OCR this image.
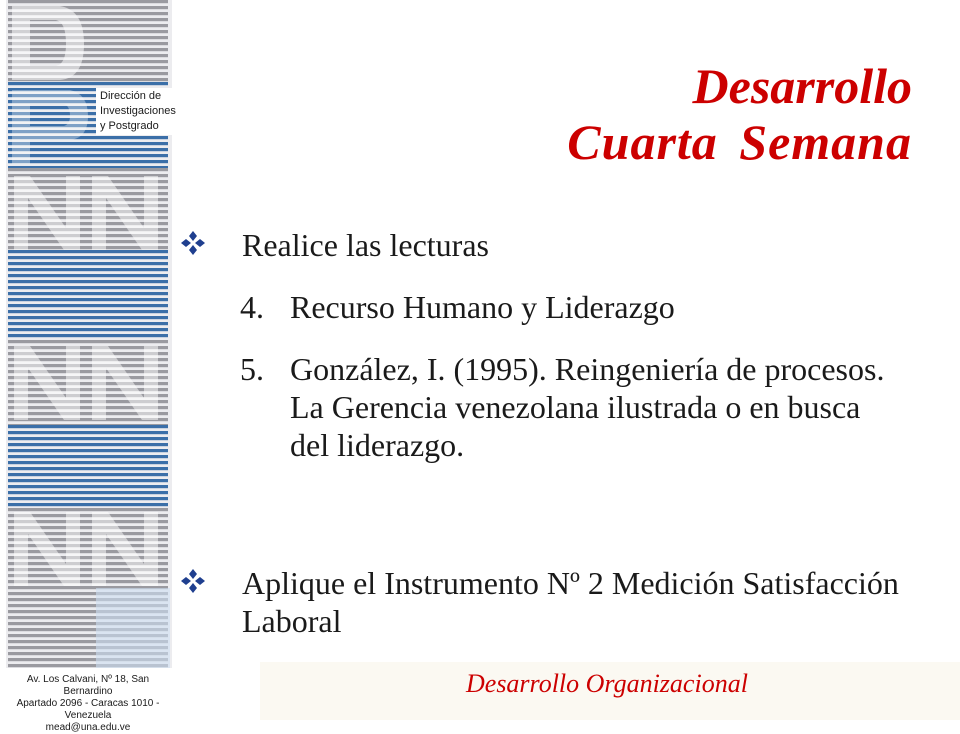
Dirección de Investigaciones y Postgrado
Av. Los Calvani, Nº 18, San Bernardino
Apartado 2096 - Caracas 1010 - Venezuela
mead@una.edu.ve
Desarrollo
Cuarta Semana
Realice las lecturas
4. Recurso Humano y Liderazgo
5. González, I. (1995). Reingeniería de procesos. La Gerencia venezolana ilustrada o en busca del liderazgo.
Aplique el Instrumento Nº 2 Medición Satisfacción Laboral
Desarrollo Organizacional
